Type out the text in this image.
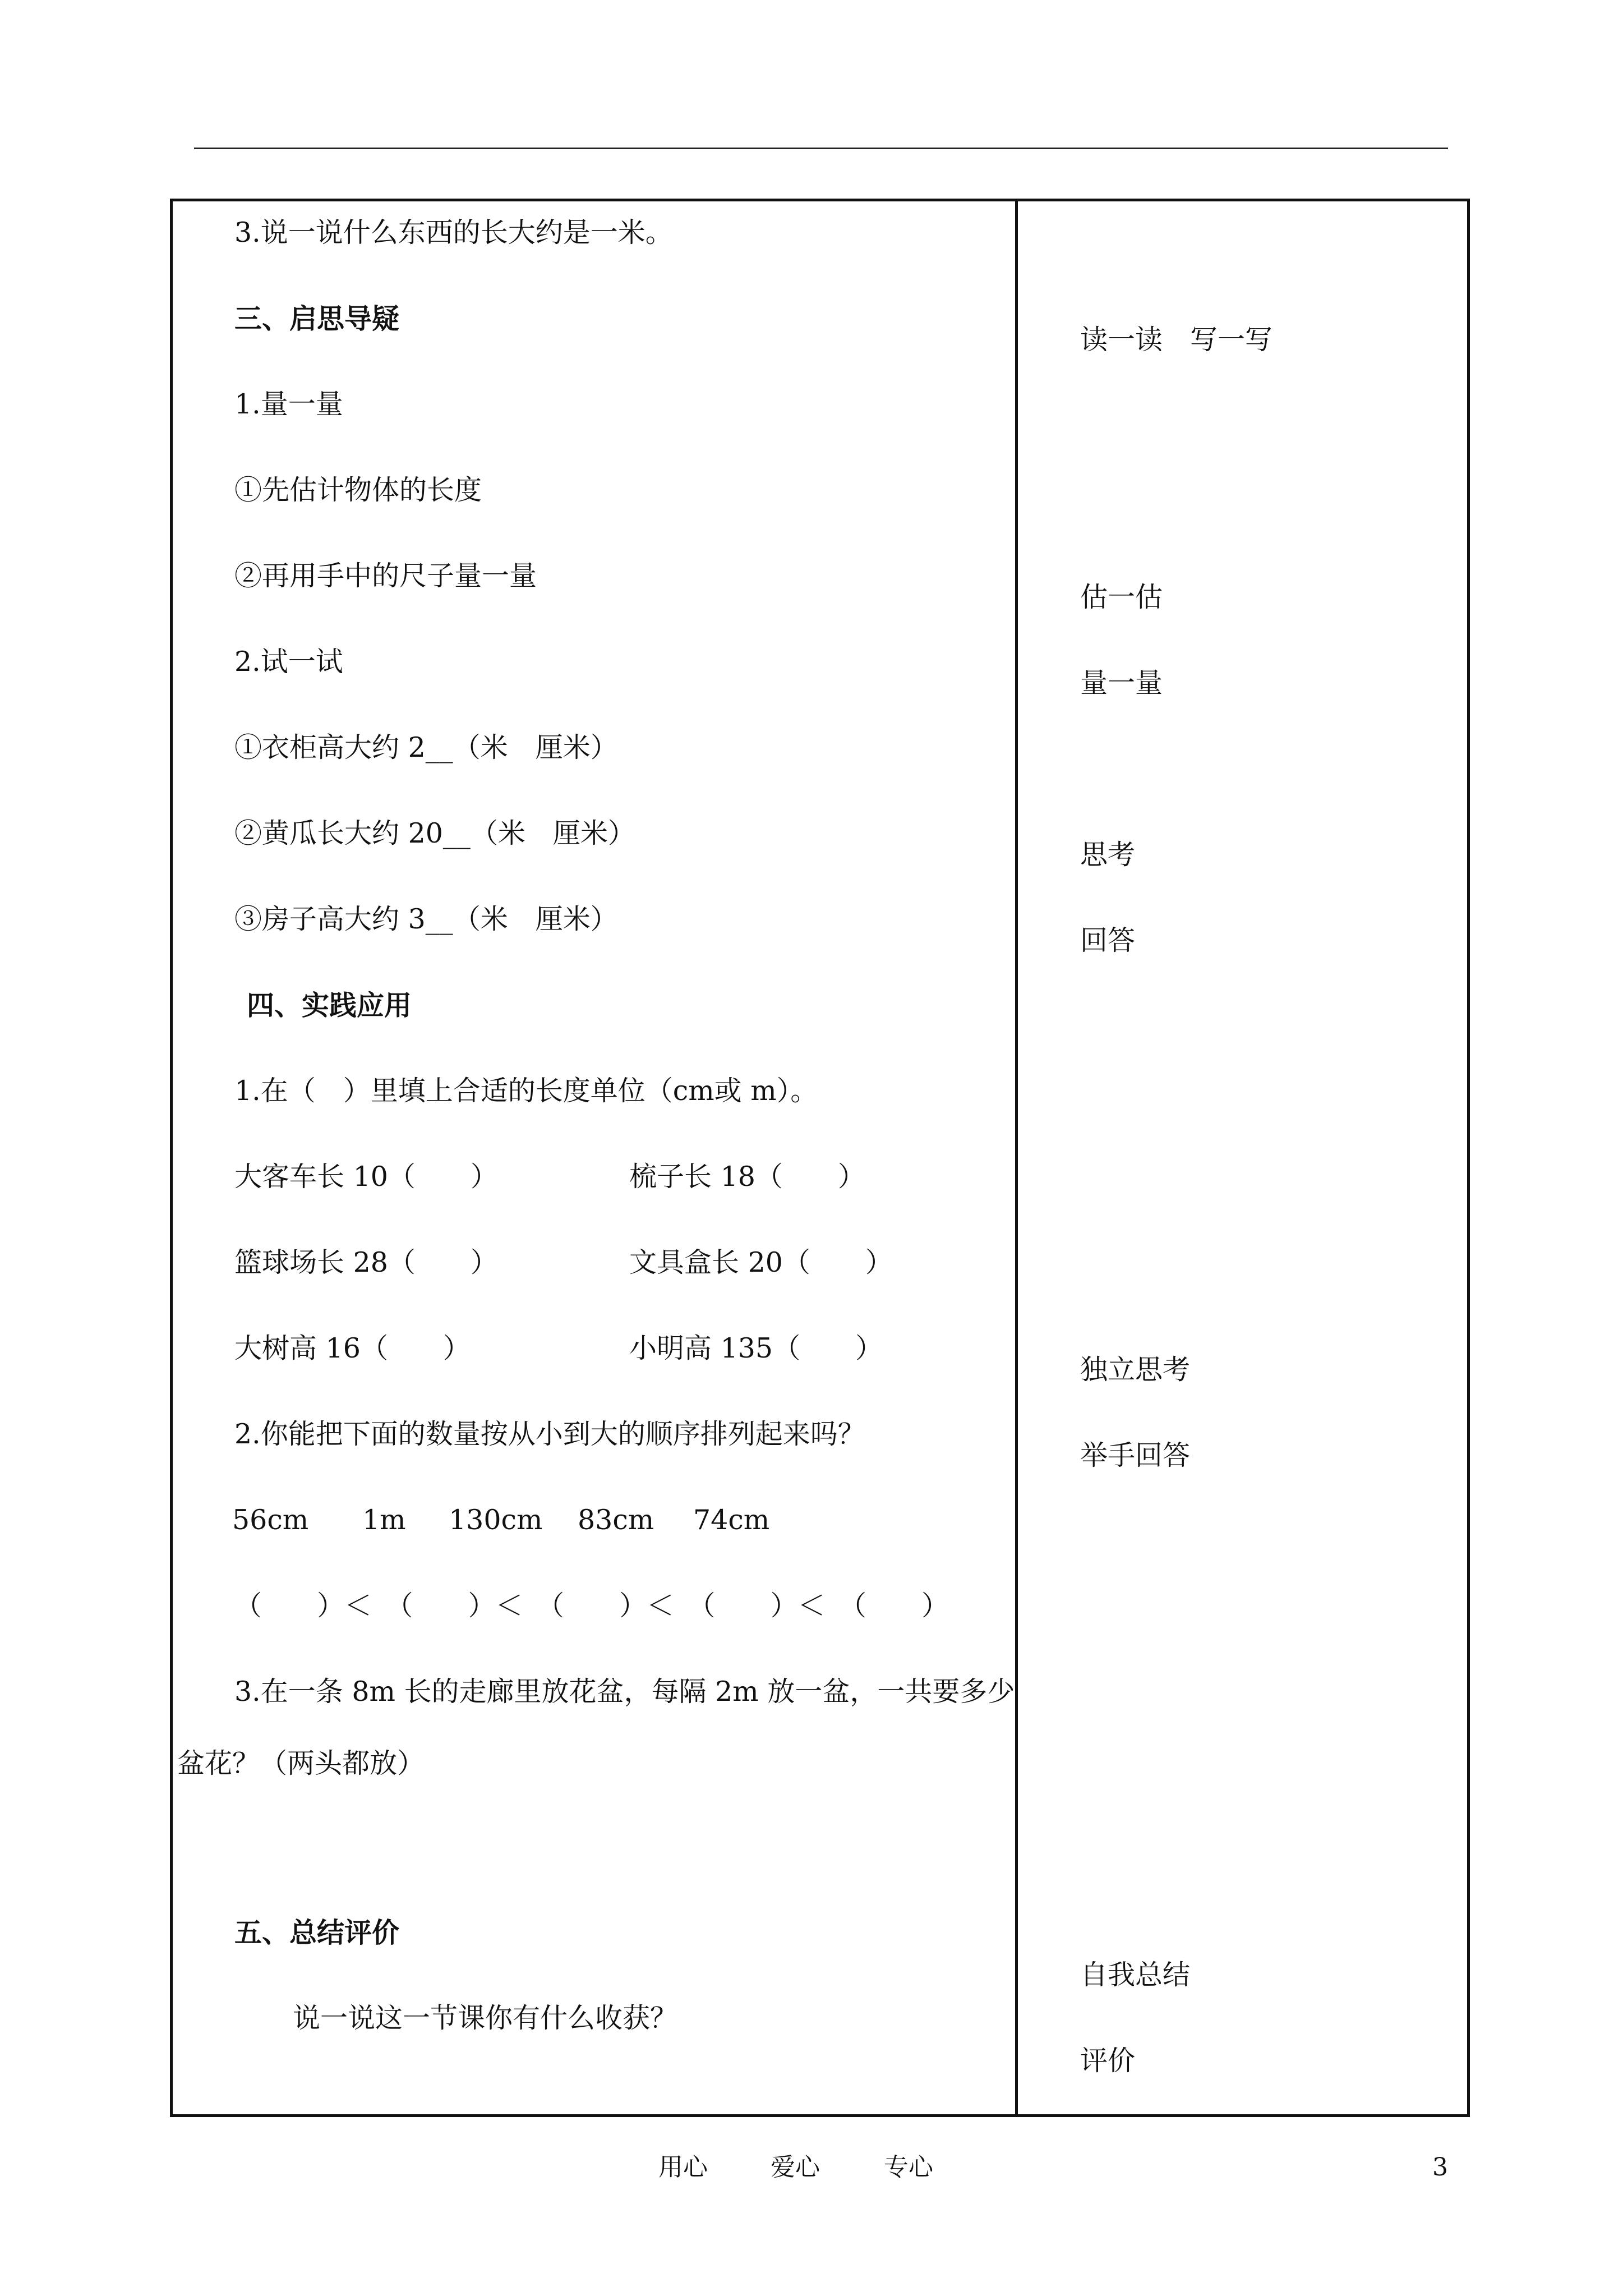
3.说一说什么东西的长大约是一米。
三、启思导疑
1.量一量
①先估计物体的长度
②再用手中的尺子量一量
2.试一试
①衣柜高大约 2__（米　厘米）
②黄瓜长大约 20__（米　厘米）
③房子高大约 3__（米　厘米）
四、实践应用
1.在（　）里填上合适的长度单位（cm或 m）。
大客车长 10（　　）	梳子长 18（　　）
篮球场长 28（　　）	文具盒长 20（　　）
大树高 16（　　）	小明高 135（　　）
2.你能把下面的数量按从小到大的顺序排列起来吗？
56cm 1m 130cm 83cm 74cm
（　　）＜　（　　）＜　（　　）＜　（　　）＜　（　　）
3.在一条 8m 长的走廊里放花盆，每隔 2m 放一盆，一共要多少
盆花？（两头都放）
五、总结评价
说一说这一节课你有什么收获？
读一读　写一写
估一估
量一量
思考
回答
独立思考
举手回答
自我总结
评价
用心	爱心	专心	3
